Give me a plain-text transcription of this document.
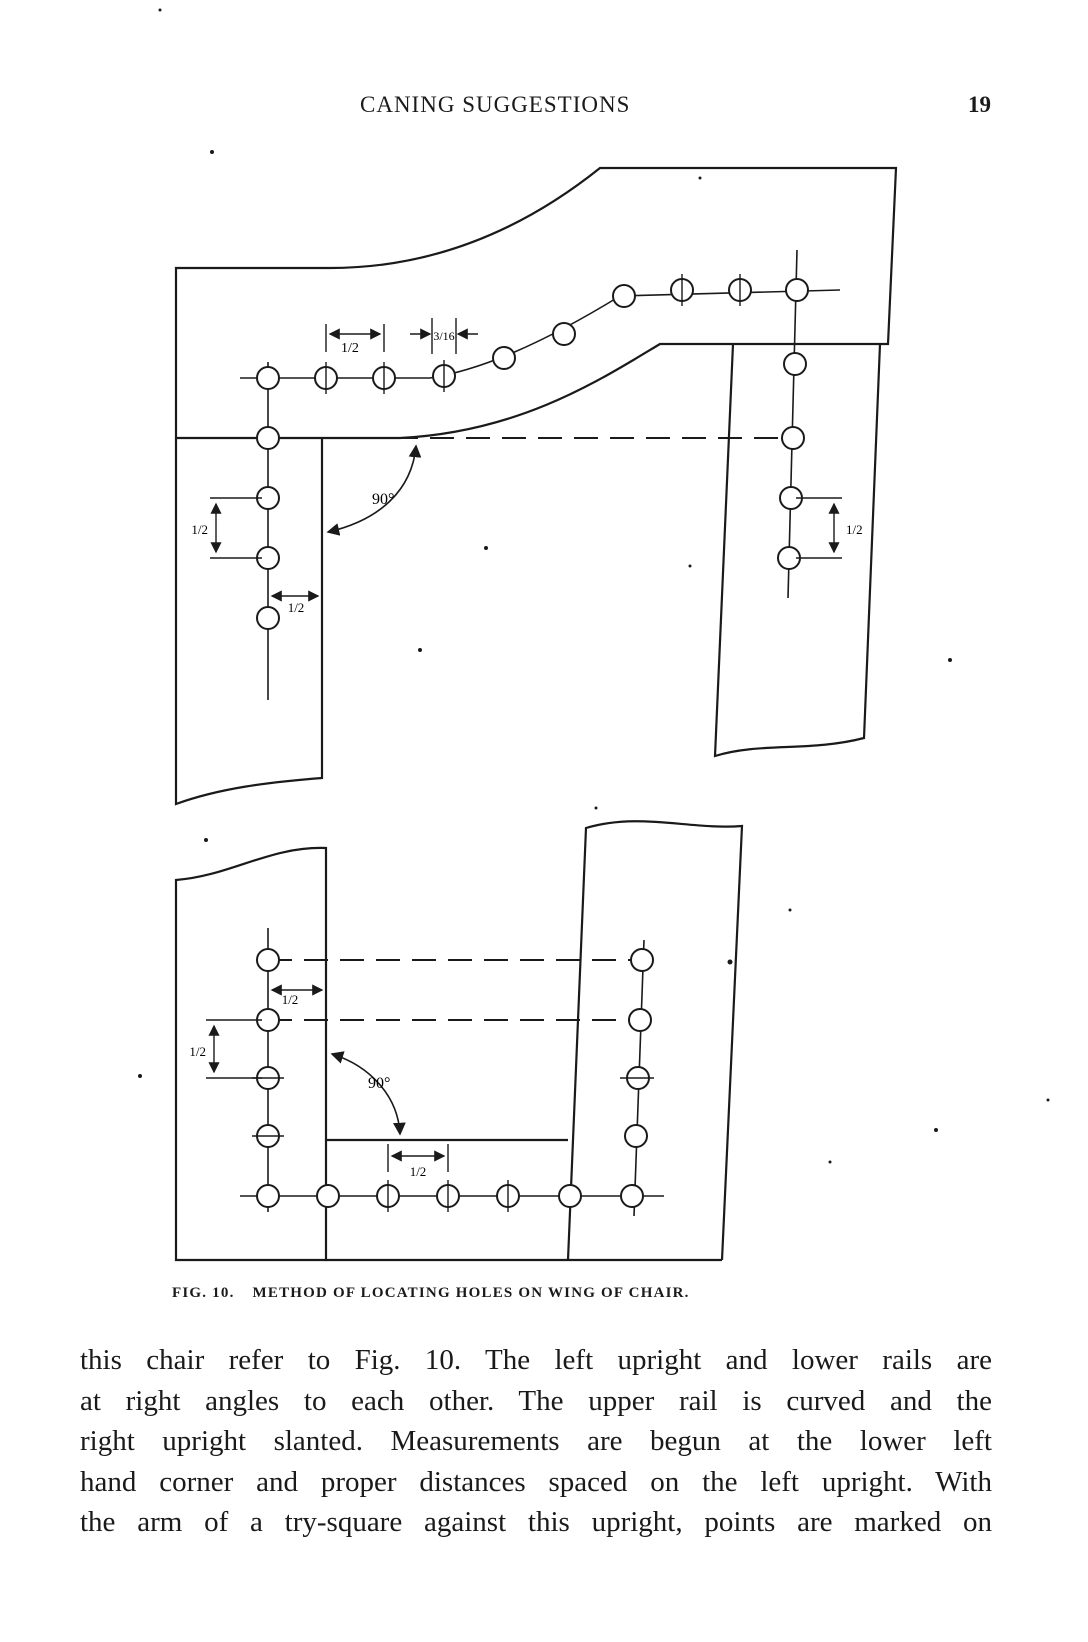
CANING SUGGESTIONS	19
1/2
3/16
90°
1/2
1/2
1/2
1/2
1/2
90°
1/2
FIG. 10. METHOD OF LOCATING HOLES ON WING OF CHAIR.
this chair refer to Fig. 10. The left upright and lower rails are
at right angles to each other. The upper rail is curved and the
right upright slanted. Measurements are begun at the lower left
hand corner and proper distances spaced on the left upright. With
the arm of a try-square against this upright, points are marked on
